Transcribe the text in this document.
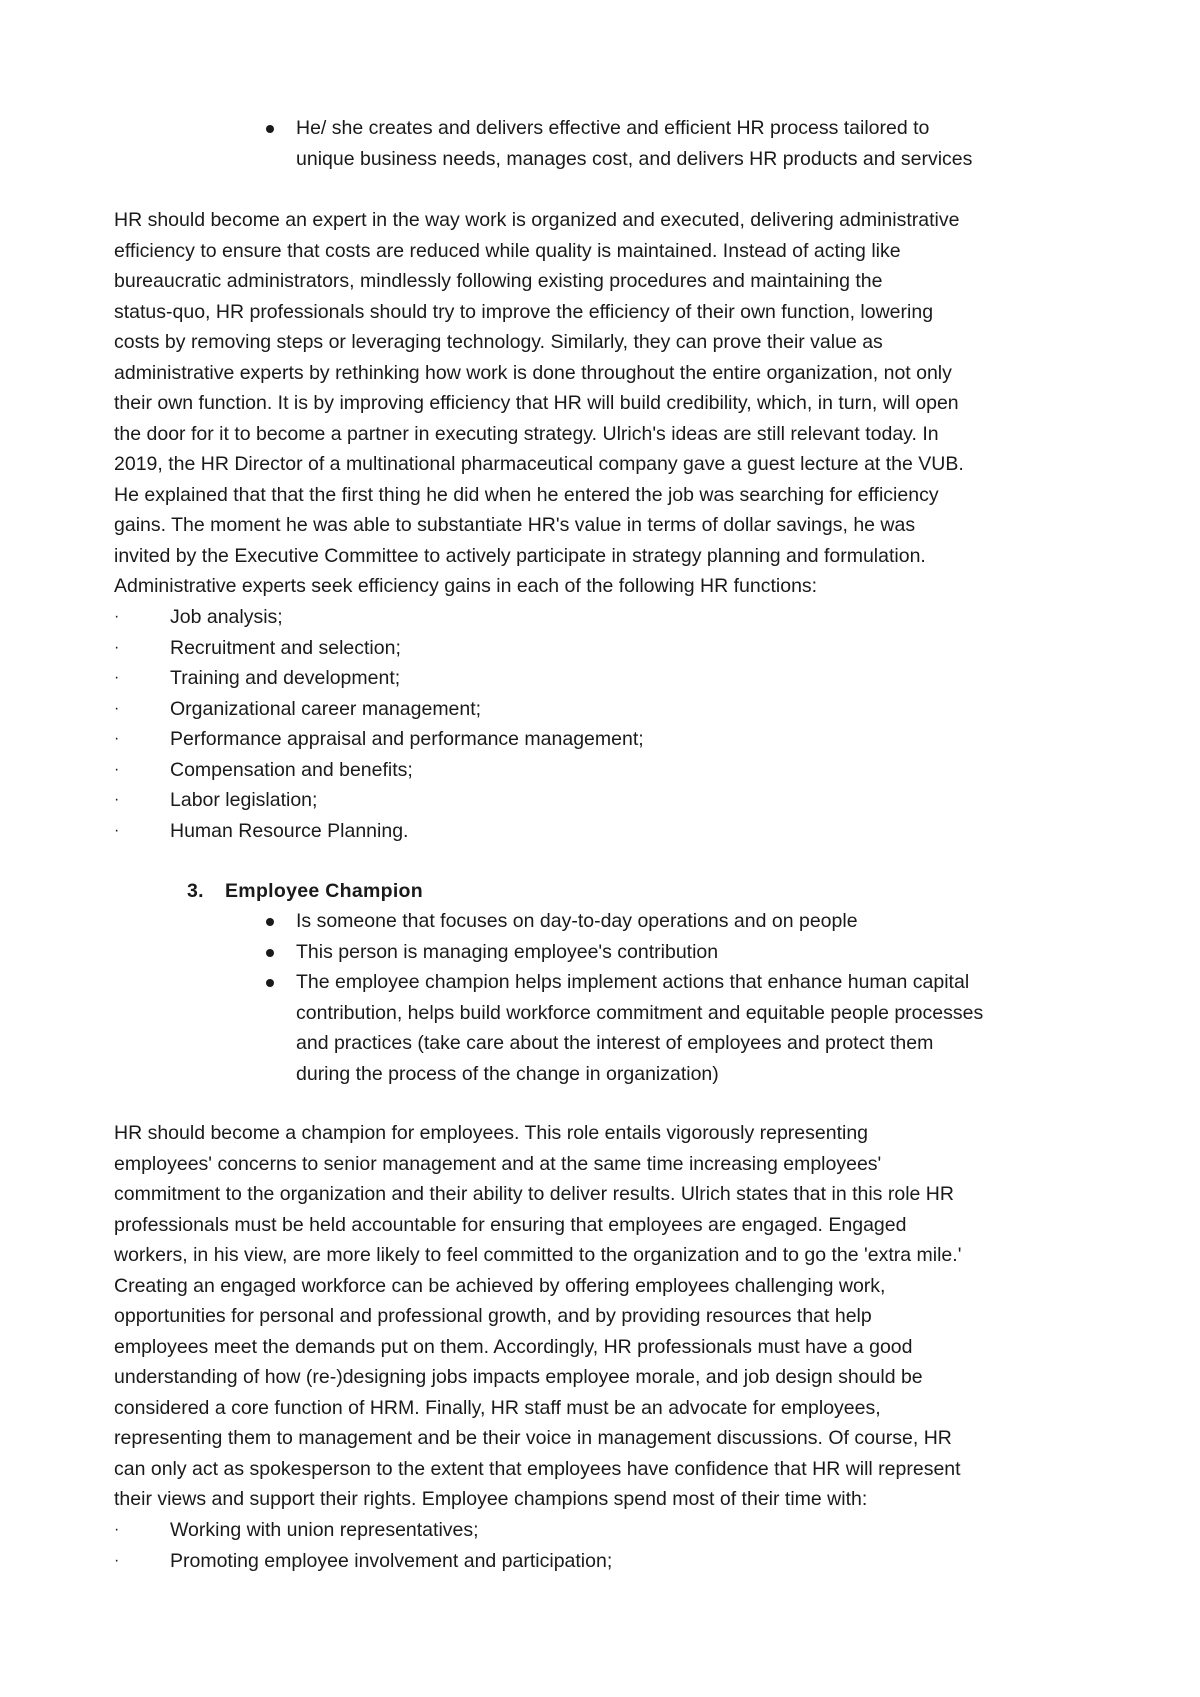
He/ she creates and delivers effective and efficient HR process tailored to
unique business needs, manages cost, and delivers HR products and services

HR should become an expert in the way work is organized and executed, delivering administrative
efficiency to ensure that costs are reduced while quality is maintained. Instead of acting like
bureaucratic administrators, mindlessly following existing procedures and maintaining the
status-quo, HR professionals should try to improve the efficiency of their own function, lowering
costs by removing steps or leveraging technology. Similarly, they can prove their value as
administrative experts by rethinking how work is done throughout the entire organization, not only
their own function. It is by improving efficiency that HR will build credibility, which, in turn, will open
the door for it to become a partner in executing strategy. Ulrich's ideas are still relevant today. In
2019, the HR Director of a multinational pharmaceutical company gave a guest lecture at the VUB.
He explained that that the first thing he did when he entered the job was searching for efficiency
gains. The moment he was able to substantiate HR's value in terms of dollar savings, he was
invited by the Executive Committee to actively participate in strategy planning and formulation.
Administrative experts seek efficiency gains in each of the following HR functions:

· Job analysis;
· Recruitment and selection;
· Training and development;
· Organizational career management;
· Performance appraisal and performance management;
· Compensation and benefits;
· Labor legislation;
· Human Resource Planning.
3. Employee Champion
Is someone that focuses on day-to-day operations and on people
This person is managing employee's contribution
The employee champion helps implement actions that enhance human capital
contribution, helps build workforce commitment and equitable people processes
and practices (take care about the interest of employees and protect them
during the process of the change in organization)

HR should become a champion for employees. This role entails vigorously representing
employees' concerns to senior management and at the same time increasing employees'
commitment to the organization and their ability to deliver results. Ulrich states that in this role HR
professionals must be held accountable for ensuring that employees are engaged. Engaged
workers, in his view, are more likely to feel committed to the organization and to go the 'extra mile.'
Creating an engaged workforce can be achieved by offering employees challenging work,
opportunities for personal and professional growth, and by providing resources that help
employees meet the demands put on them. Accordingly, HR professionals must have a good
understanding of how (re-)designing jobs impacts employee morale, and job design should be
considered a core function of HRM. Finally, HR staff must be an advocate for employees,
representing them to management and be their voice in management discussions. Of course, HR
can only act as spokesperson to the extent that employees have confidence that HR will represent
their views and support their rights. Employee champions spend most of their time with:

· Working with union representatives;
· Promoting employee involvement and participation;
